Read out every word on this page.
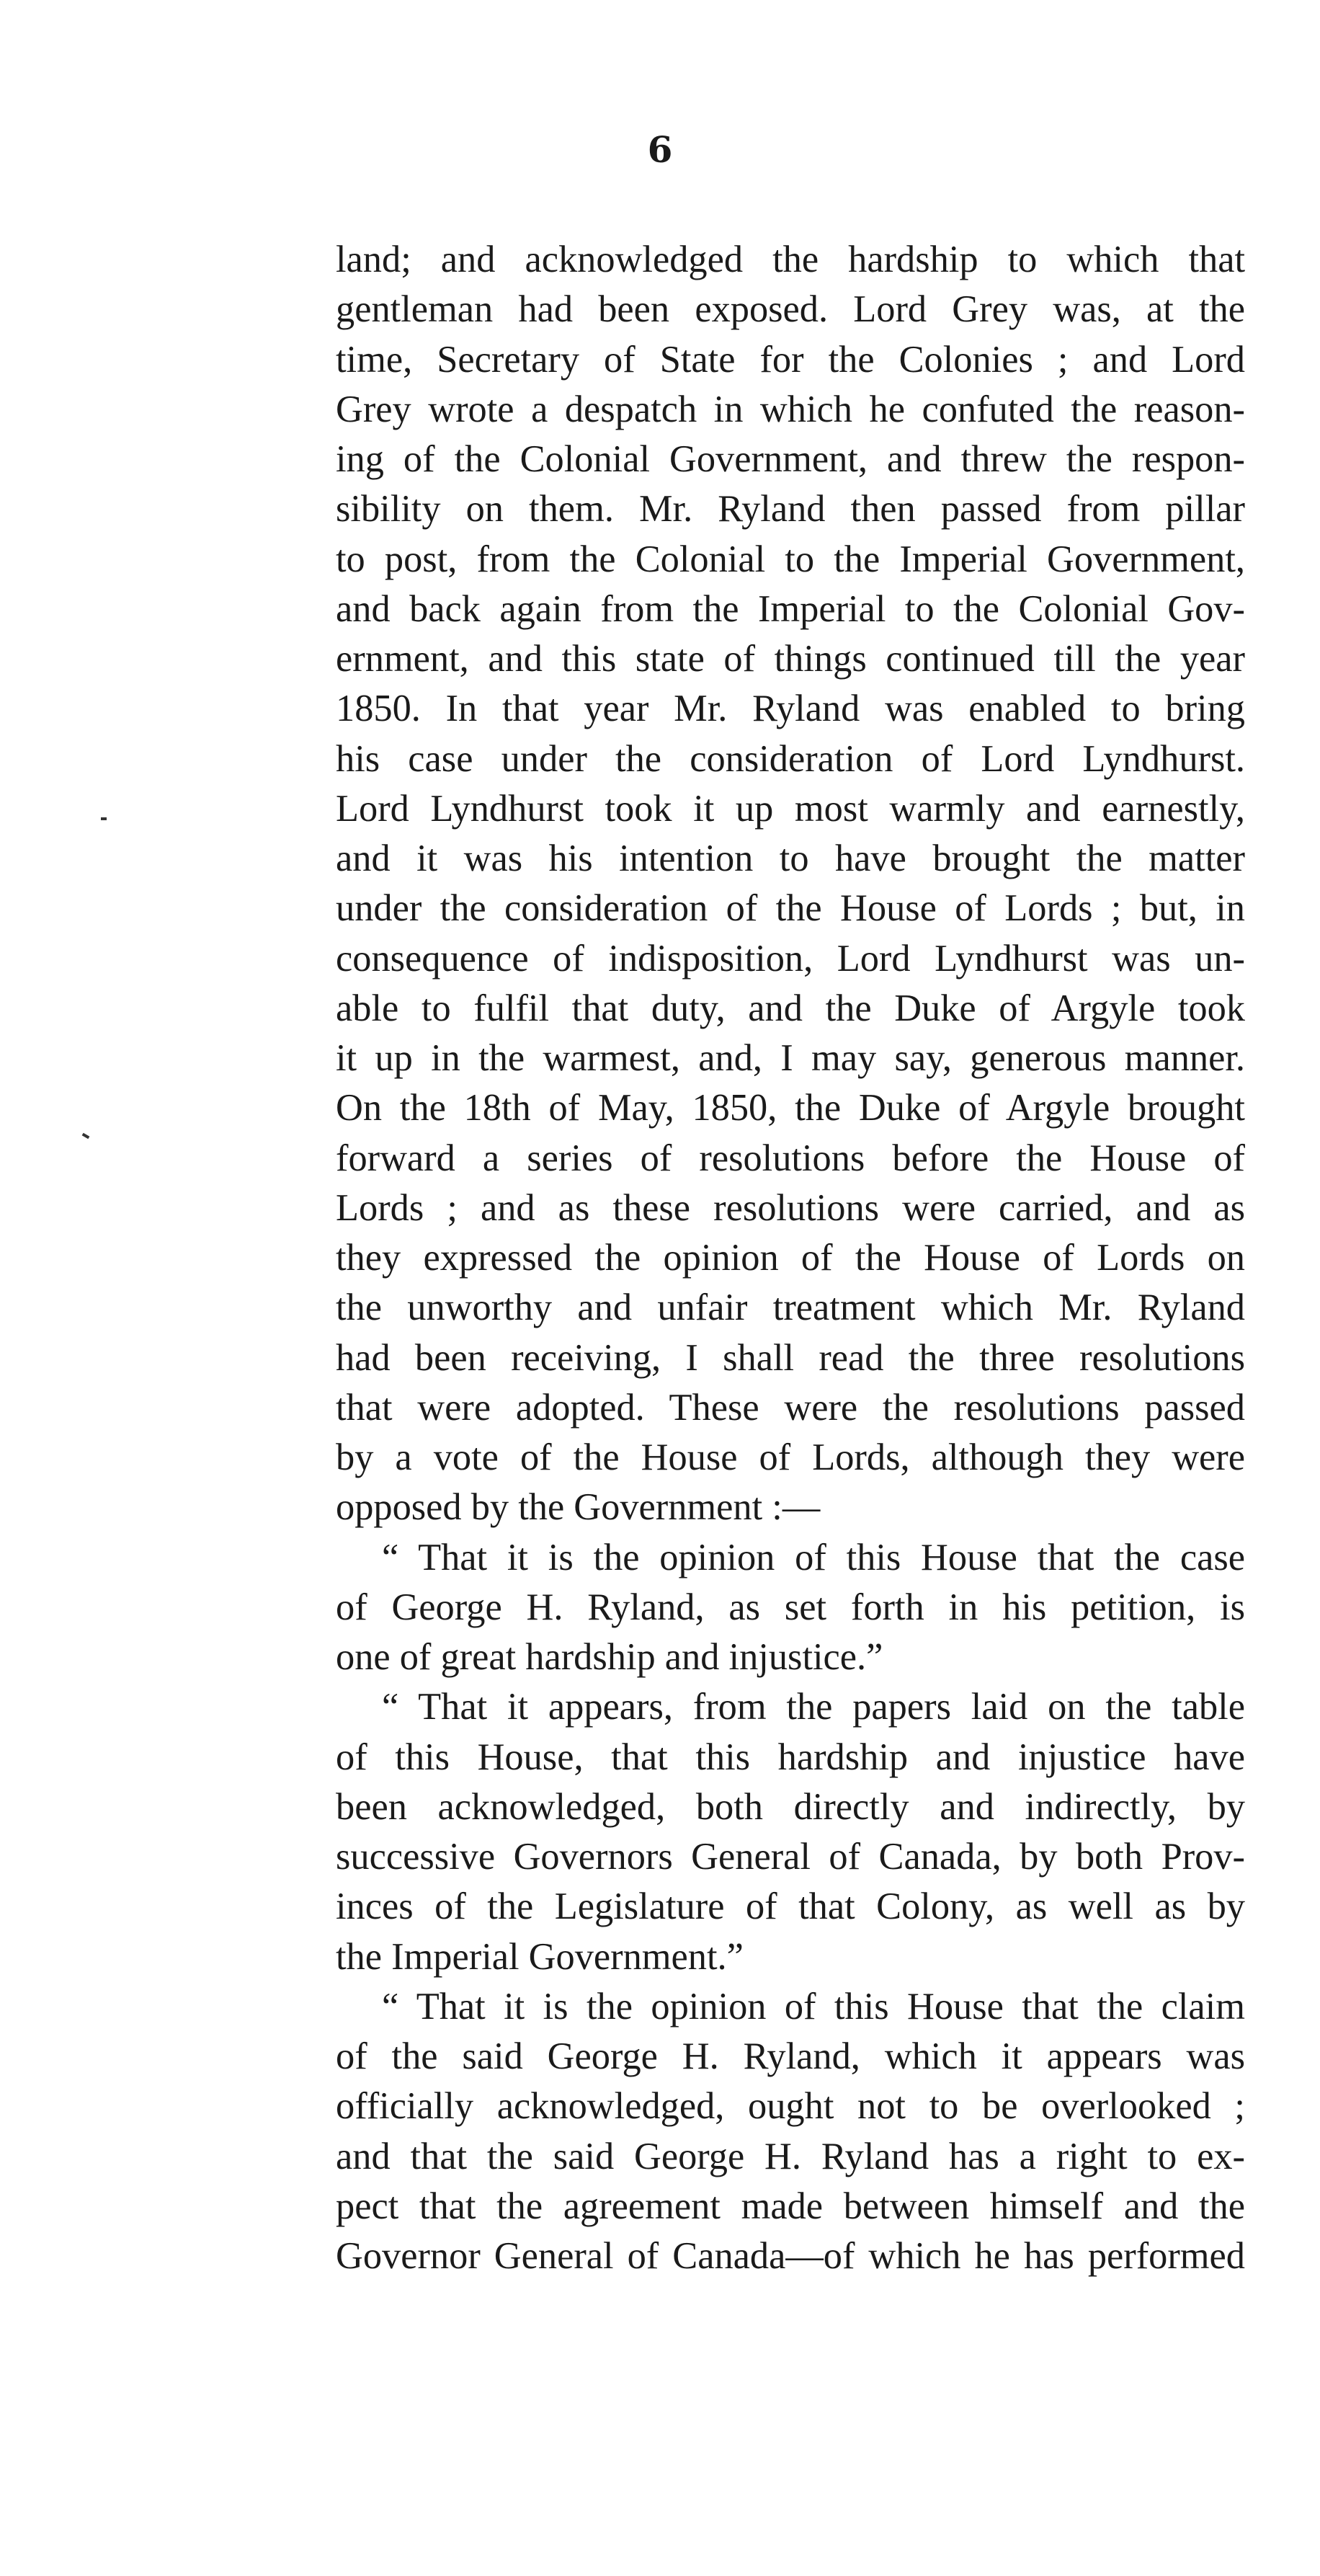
6
land; and acknowledged the hardship to which that
gentleman had been exposed. Lord Grey was, at the
time, Secretary of State for the Colonies ; and Lord
Grey wrote a despatch in which he confuted the reason-
ing of the Colonial Government, and threw the respon-
sibility on them. Mr. Ryland then passed from pillar
to post, from the Colonial to the Imperial Government,
and back again from the Imperial to the Colonial Gov-
ernment, and this state of things continued till the year
1850. In that year Mr. Ryland was enabled to bring
his case under the consideration of Lord Lyndhurst.
Lord Lyndhurst took it up most warmly and earnestly,
and it was his intention to have brought the matter
under the consideration of the House of Lords ; but, in
consequence of indisposition, Lord Lyndhurst was un-
able to fulfil that duty, and the Duke of Argyle took
it up in the warmest, and, I may say, generous manner.
On the 18th of May, 1850, the Duke of Argyle brought
forward a series of resolutions before the House of
Lords ; and as these resolutions were carried, and as
they expressed the opinion of the House of Lords on
the unworthy and unfair treatment which Mr. Ryland
had been receiving, I shall read the three resolutions
that were adopted. These were the resolutions passed
by a vote of the House of Lords, although they were
opposed by the Government :—
“ That it is the opinion of this House that the case
of George H. Ryland, as set forth in his petition, is
one of great hardship and injustice.”
“ That it appears, from the papers laid on the table
of this House, that this hardship and injustice have
been acknowledged, both directly and indirectly, by
successive Governors General of Canada, by both Prov-
inces of the Legislature of that Colony, as well as by
the Imperial Government.”
“ That it is the opinion of this House that the claim
of the said George H. Ryland, which it appears was
officially acknowledged, ought not to be overlooked ;
and that the said George H. Ryland has a right to ex-
pect that the agreement made between himself and the
Governor General of Canada—of which he has performed
